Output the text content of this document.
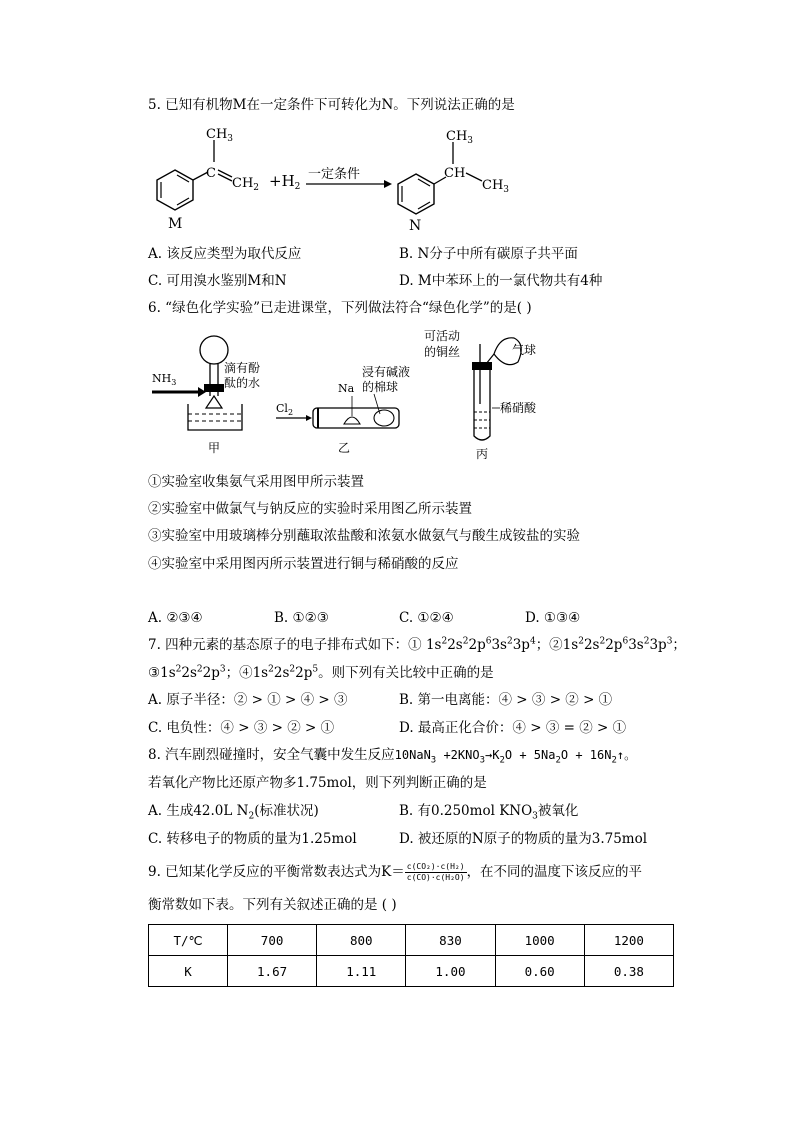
5. 已知有机物M在一定条件下可转化为N。下列说法正确的是
C
$CH_3$
$CH_2$
M
$+H_2$
一定条件	CH
$CH_3$
$CH_3$
N
A. 该反应类型为取代反应	B. N分子中所有碳原子共平面
C. 可用溴水鉴别M和N	D. M中苯环上的一氯代物共有4种
6. “绿色化学实验”已走进课堂，下列做法符合“绿色化学”的是( )
$NH_3$
滴有酚
酞的水
甲
$Cl_2$
Na
浸有碱液
的棉球
乙
可活动
的铜丝	气球
稀硝酸
丙
①实验室收集氨气采用图甲所示装置
②实验室中做氯气与钠反应的实验时采用图乙所示装置
③实验室中用玻璃棒分别蘸取浓盐酸和浓氨水做氨气与酸生成铵盐的实验
④实验室中采用图丙所示装置进行铜与稀硝酸的反应
A. ②③④	B. ①②③	C. ①②④	D. ①③④
7. 四种元素的基态原子的电子排布式如下：① $1s^22s^22p^63s^23p^4$；$②1s^22s^22p^63s^23p^3$；
$③1s^22s^22p^3$；$④1s^22s^22p^5$。则下列有关比较中正确的是
A. 原子半径：② > ① > ④ > ③	B. 第一电离能：④ > ③ > ② > ①
C. 电负性：④ > ③ > ② > ①	D. 最高正化合价：④ > ③ = ② > ①
8. 汽车剧烈碰撞时，安全气囊中发生反应$10NaN_3 +2KNO_3\to K_2O + 5Na_2O$ + $16N_2↑$。
若氧化产物比还原产物多1.75mol，则下列判断正确的是
A. 生成42.0L $N_2$(标准状况)	B. 有0.250mol $KNO_3$被氧化
C. 转移电子的物质的量为1.25mol	D. 被还原的N原子的物质的量为3.75mol
9. 已知某化学反应的平衡常数表达式为$K= \frac{\text{c(CO₂)·c(H₂)}}{\text{c(CO)·c(H₂O)}}$ ，在不同的温度下该反应的平
衡常数如下表。下列有关叙述正确的是 ( )
T/℃	700	800	830	1000	1200
K	1.67	1.11	1.00	0.60	0.38
